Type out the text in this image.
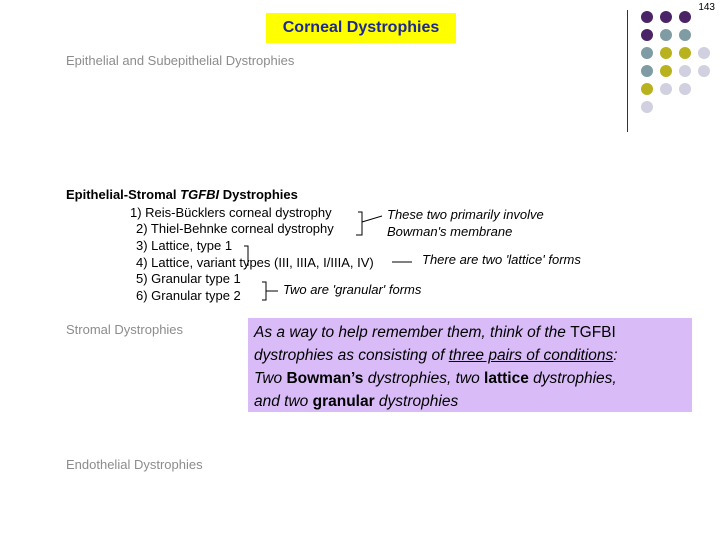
143
Corneal Dystrophies
Epithelial and Subepithelial Dystrophies
Epithelial-Stromal TGFBI Dystrophies
1) Reis-Bücklers corneal dystrophy
2) Thiel-Behnke corneal dystrophy
3) Lattice, type 1
4) Lattice, variant types (III, IIIA, I/IIIA, IV)
5) Granular type 1
6) Granular type 2
These two primarily involve
Bowman's membrane
There are two 'lattice' forms
Two are 'granular' forms
Stromal Dystrophies	As a way to help remember them, think of the TGFBI
dystrophies as consisting of three pairs of conditions:
Two Bowman’s dystrophies, two lattice dystrophies,
and two granular dystrophies
Endothelial Dystrophies
